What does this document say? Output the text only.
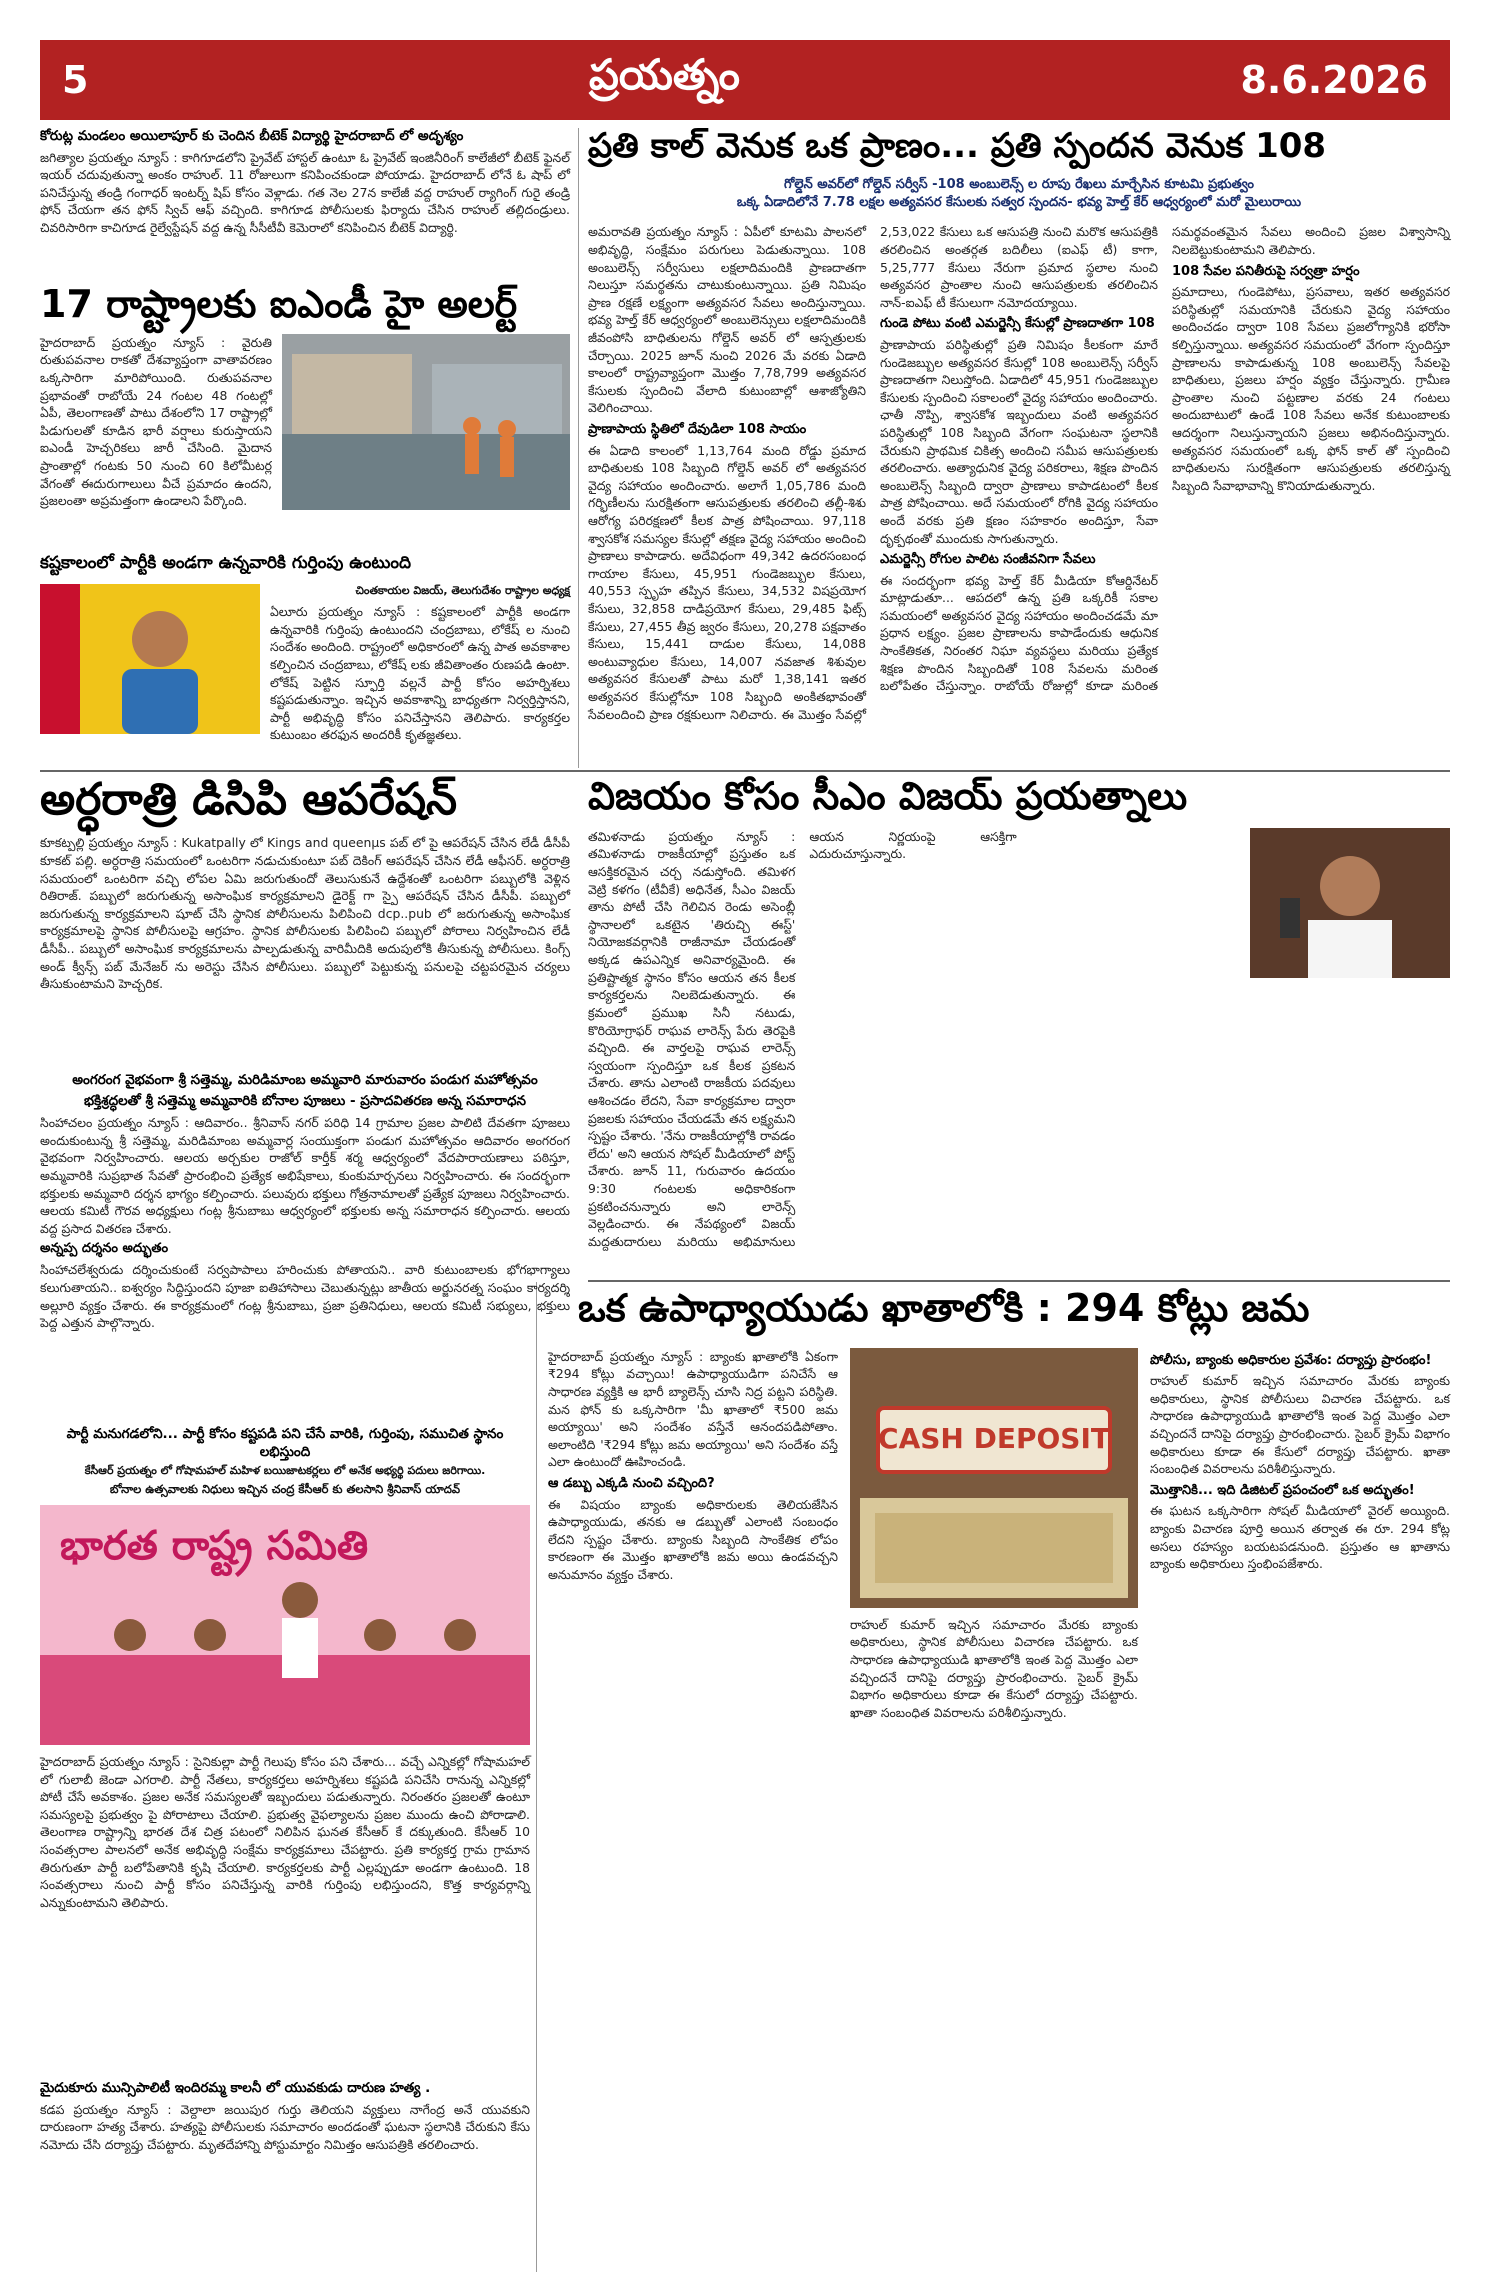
5	ప్రయత్నం	8.6.2026
కోరుట్ల మండలం అయిలాపూర్ కు చెందిన బీటెక్ విద్యార్థి హైదరాబాద్ లో అదృశ్యం
జగిత్యాల ప్రయత్నం న్యూస్ : కాగిగూడలోని ప్రైవేట్ హాస్టల్ ఉంటూ ఓ ప్రైవేట్ ఇంజినీరింగ్ కాలేజీలో బీటెక్ ఫైనల్ ఇయర్ చదువుతున్నా అంకం రాహుల్. 11 రోజులుగా కనిపించకుండా పోయాడు. హైదరాబాద్ లోనే ఓ షాప్ లో పనిచేస్తున్న తండ్రి గంగాధర్ ఇంటర్న్ షిప్ కోసం వెళ్లాడు. గత నెల 27న కాలేజీ వద్ద రాహుల్ ర్యాగింగ్ గురై తండ్రి ఫోన్ చేయగా తన ఫోన్ స్విచ్ ఆఫ్ వచ్చింది. కాగిగూడ పోలీసులకు ఫిర్యాదు చేసిన రాహుల్ తల్లిదండ్రులు. చివరిసారిగా కాచిగూడ రైల్వేస్టేషన్ వద్ద ఉన్న సీసీటీవీ కెమెరాలో కనిపించిన బీటెక్ విద్యార్థి.
17 రాష్ట్రాలకు ఐఎండీ హై అలర్ట్
హైదరాబాద్ ప్రయత్నం న్యూస్ : వైరుతి రుతుపవనాల రాకతో దేశవ్యాప్తంగా వాతావరణం ఒక్కసారిగా మారిపోయింది. రుతుపవనాల ప్రభావంతో రాబోయే 24 గంటల 48 గంటల్లో ఏపీ, తెలంగాణతో పాటు దేశంలోని 17 రాష్ట్రాల్లో పిడుగులతో కూడిన భారీ వర్షాలు కురుస్తాయని ఐఎండీ హెచ్చరికలు జారీ చేసింది. మైదాన ప్రాంతాల్లో గంటకు 50 నుంచి 60 కిలోమీటర్ల వేగంతో ఈదురుగాలులు వీచే ప్రమాదం ఉందని, ప్రజలంతా అప్రమత్తంగా ఉండాలని పేర్కొంది.
కష్టకాలంలో పార్టీకి అండగా ఉన్నవారికి గుర్తింపు ఉంటుంది
చింతకాయల విజయ్, తెలుగుదేశం రాష్ట్రాల అధ్యక్ష
ఏలూరు ప్రయత్నం న్యూస్ : కష్టకాలంలో పార్టీకి అండగా ఉన్నవారికి గుర్తింపు ఉంటుందని చంద్రబాబు, లోకేష్ ల నుంచి సందేశం అందింది. రాష్ట్రంలో అధికారంలో ఉన్న పాత అవకాశాల కల్పించిన చంద్రబాబు, లోకేష్ లకు జీవితాంతం రుణపడి ఉంటా. లోకేష్ పెట్టిన స్ఫూర్తి వల్లనే పార్టీ కోసం అహర్నిశలు కష్టపడుతున్నాం. ఇచ్చిన అవకాశాన్ని బాధ్యతగా నిర్వర్తిస్తానని, పార్టీ అభివృద్ధి కోసం పనిచేస్తానని తెలిపారు. కార్యకర్తల కుటుంబం తరఫున అందరికీ కృతజ్ఞతలు.
ప్రతి కాల్ వెనుక ఒక ప్రాణం... ప్రతి స్పందన వెనుక 108
గోల్డెన్ అవర్‌లో గోల్డెన్ సర్వీస్ -108 అంబులెన్స్ ల రూపు రేఖలు మార్చేసిన కూటమి ప్రభుత్వం
ఒక్క ఏడాదిలోనే 7.78 లక్షల అత్యవసర కేసులకు సత్వర స్పందన- భవ్య హెల్త్ కేర్ ఆధ్వర్యంలో మరో మైలురాయి

అమరావతి ప్రయత్నం న్యూస్ : ఏపీలో కూటమి పాలనలో అభివృద్ధి, సంక్షేమం పరుగులు పెడుతున్నాయి. 108 అంబులెన్స్ సర్వీసులు లక్షలాదిమందికి ప్రాణదాతగా నిలుస్తూ సమర్థతను చాటుకుంటున్నాయి. ప్రతి నిమిషం ప్రాణ రక్షణే లక్ష్యంగా అత్యవసర సేవలు అందిస్తున్నాయి. భవ్య హెల్త్ కేర్ ఆధ్వర్యంలో అంబులెన్సులు లక్షలాదిమందికి జీవంపోసి బాధితులను గోల్డెన్ అవర్ లో ఆస్పత్రులకు చేర్చాయి. 2025 జూన్ నుంచి 2026 మే వరకు ఏడాది కాలంలో రాష్ట్రవ్యాప్తంగా మొత్తం 7,78,799 అత్యవసర కేసులకు స్పందించి వేలాది కుటుంబాల్లో ఆశాజ్యోతిని వెలిగించాయి.

ప్రాణాపాయ స్థితిలో దేవుడిలా 108 సాయం

ఈ ఏడాది కాలంలో 1,13,764 మంది రోడ్డు ప్రమాద బాధితులకు 108 సిబ్బంది గోల్డెన్ అవర్ లో అత్యవసర వైద్య సహాయం అందించారు. అలాగే 1,05,786 మంది గర్భిణీలను సురక్షితంగా ఆసుపత్రులకు తరలించి తల్లీ-శిశు ఆరోగ్య పరిరక్షణలో కీలక పాత్ర పోషించాయి. 97,118 శ్వాసకోశ సమస్యల కేసుల్లో తక్షణ వైద్య సహాయం అందించి ప్రాణాలు కాపాడారు. అదేవిధంగా 49,342 ఉదరసంబంధ గాయాల కేసులు, 45,951 గుండెజబ్బుల కేసులు, 40,553 స్పృహ తప్పిన కేసులు, 34,532 విషప్రయోగ కేసులు, 32,858 దాడిప్రయోగ కేసులు, 29,485 ఫిట్స్ కేసులు, 27,455 తీవ్ర జ్వరం కేసులు, 20,278 పక్షవాతం కేసులు, 15,441 దాడుల కేసులు, 14,088 అంటువ్యాధుల కేసులు, 14,007 నవజాత శిశువుల అత్యవసర కేసులతో పాటు మరో 1,38,141 ఇతర అత్యవసర కేసుల్లోనూ 108 సిబ్బంది అంకితభావంతో సేవలందించి ప్రాణ రక్షకులుగా నిలిచారు. ఈ మొత్తం సేవల్లో 2,53,022 కేసులు ఒక ఆసుపత్రి నుంచి మరొక ఆసుపత్రికి తరలించిన అంతర్గత బదిలీలు (ఐఎఫ్ టీ) కాగా, 5,25,777 కేసులు నేరుగా ప్రమాద స్థలాల నుంచి అత్యవసర ప్రాంతాల నుంచి ఆసుపత్రులకు తరలించిన నాన్-ఐఎఫ్ టీ కేసులుగా నమోదయ్యాయి.

గుండె పోటు వంటి ఎమర్జెన్సీ కేసుల్లో ప్రాణదాతగా 108

ప్రాణాపాయ పరిస్థితుల్లో ప్రతి నిమిషం కీలకంగా మారే గుండెజబ్బుల అత్యవసర కేసుల్లో 108 అంబులెన్స్ సర్వీస్ ప్రాణదాతగా నిలుస్తోంది. ఏడాదిలో 45,951 గుండెజబ్బుల కేసులకు స్పందించి సకాలంలో వైద్య సహాయం అందించారు. ఛాతీ నొప్పి, శ్వాసకోశ ఇబ్బందులు వంటి అత్యవసర పరిస్థితుల్లో 108 సిబ్బంది వేగంగా సంఘటనా స్థలానికి చేరుకుని ప్రాథమిక చికిత్స అందించి సమీప ఆసుపత్రులకు తరలించారు. అత్యాధునిక వైద్య పరికరాలు, శిక్షణ పొందిన అంబులెన్స్ సిబ్బంది ద్వారా ప్రాణాలు కాపాడటంలో కీలక పాత్ర పోషించాయి. అదే సమయంలో రోగికి వైద్య సహాయం అందే వరకు ప్రతి క్షణం సహకారం అందిస్తూ, సేవా దృక్పథంతో ముందుకు సాగుతున్నారు.

ఎమర్జెన్సీ రోగుల పాలిట సంజీవనిగా సేవలు

ఈ సందర్భంగా భవ్య హెల్త్ కేర్ మీడియా కోఆర్డినేటర్ మాట్లాడుతూ... ఆపదలో ఉన్న ప్రతి ఒక్కరికీ సకాల సమయంలో అత్యవసర వైద్య సహాయం అందించడమే మా ప్రధాన లక్ష్యం. ప్రజల ప్రాణాలను కాపాడేందుకు ఆధునిక సాంకేతికత, నిరంతర నిఘా వ్యవస్థలు మరియు ప్రత్యేక శిక్షణ పొందిన సిబ్బందితో 108 సేవలను మరింత బలోపేతం చేస్తున్నాం. రాబోయే రోజుల్లో కూడా మరింత సమర్థవంతమైన సేవలు అందించి ప్రజల విశ్వాసాన్ని నిలబెట్టుకుంటామని తెలిపారు.

108 సేవల పనితీరుపై సర్వత్రా హర్షం

ప్రమాదాలు, గుండెపోటు, ప్రసవాలు, ఇతర అత్యవసర పరిస్థితుల్లో సమయానికి చేరుకుని వైద్య సహాయం అందించడం ద్వారా 108 సేవలు ప్రజలోగ్యానికి భరోసా కల్పిస్తున్నాయి. అత్యవసర సమయంలో వేగంగా స్పందిస్తూ ప్రాణాలను కాపాడుతున్న 108 అంబులెన్స్ సేవలపై బాధితులు, ప్రజలు హర్షం వ్యక్తం చేస్తున్నారు. గ్రామీణ ప్రాంతాల నుంచి పట్టణాల వరకు 24 గంటలు అందుబాటులో ఉండే 108 సేవలు అనేక కుటుంబాలకు ఆదర్శంగా నిలుస్తున్నాయని ప్రజలు అభినందిస్తున్నారు. అత్యవసర సమయంలో ఒక్క ఫోన్ కాల్ తో స్పందించి బాధితులను సురక్షితంగా ఆసుపత్రులకు తరలిస్తున్న సిబ్బంది సేవాభావాన్ని కొనియాడుతున్నారు.

అర్ధరాత్రి డిసిపి ఆపరేషన్
కూకట్పల్లి ప్రయత్నం న్యూస్ : Kukatpally లో Kings and queenµs పబ్ లో పై ఆపరేషన్ చేసిన లేడీ డీసీపీ కూకట్ పల్లి. అర్ధరాత్రి సమయంలో ఒంటరిగా నడుచుకుంటూ పబ్ దెకింగ్ ఆపరేషన్ చేసిన లేడీ ఆఫీసర్. అర్ధరాత్రి సమయంలో ఒంటరిగా వచ్చి లోపల ఏమి జరుగుతుందో తెలుసుకునే ఉద్దేశంతో ఒంటరిగా పబ్బులోకి వెళ్లిన రితిరాజ్. పబ్బులో జరుగుతున్న అసాంఘిక కార్యక్రమాలని డైరెక్ట్ గా స్పై ఆపరేషన్ చేసిన డీసీపీ. పబ్బులో జరుగుతున్న కార్యక్రమాలని షూట్ చేసి స్థానిక పోలీసులను పిలిపించి dcp..pub లో జరుగుతున్న అసాంఘిక కార్యక్రమాలపై స్థానిక పోలీసులపై ఆగ్రహం. స్థానిక పోలీసులకు పిలిపించి పబ్బులో పోరాలు నిర్వహించిన లేడీ డీసీపీ.. పబ్బులో అసాంఘిక కార్యక్రమాలను పాల్పడుతున్న వారిమీదికి అదుపులోకి తీసుకున్న పోలీసులు. కింగ్స్ అండ్ క్వీన్స్ పబ్ మేనేజర్ ను అరెస్టు చేసిన పోలీసులు. పబ్బులో పెట్టుకున్న పనులపై చట్టపరమైన చర్యలు తీసుకుంటామని హెచ్చరిక.
అంగరంగ వైభవంగా శ్రీ సత్తెమ్మ, మరిడిమాంబ అమ్మవారి మారువారం పండుగ మహోత్సవం
భక్తిశ్రద్ధలతో శ్రీ సత్తెమ్మ అమ్మవారికి బోనాల పూజలు - ప్రసాదవితరణ అన్న సమారాధన
సింహాచలం ప్రయత్నం న్యూస్ : ఆదివారం.. శ్రీనివాస్ నగర్ పరిధి 14 గ్రామాల ప్రజల పాలిటి దేవతగా పూజలు అందుకుంటున్న శ్రీ సత్తెమ్మ, మరిడిమాంబ అమ్మవార్ల సంయుక్తంగా పండుగ మహోత్సవం ఆదివారం అంగరంగ వైభవంగా నిర్వహించారు. ఆలయ అర్చకుల రాజోల్ కార్తీక్ శర్మ ఆధ్వర్యంలో వేదపారాయణాలు పఠిస్తూ, అమ్మవారికి సుప్రభాత సేవతో ప్రారంభించి ప్రత్యేక అభిషేకాలు, కుంకుమార్చనలు నిర్వహించారు. ఈ సందర్భంగా భక్తులకు అమ్మవారి దర్శన భాగ్యం కల్పించారు. పలువురు భక్తులు గోత్రనామాలతో ప్రత్యేక పూజలు నిర్వహించారు. ఆలయ కమిటీ గౌరవ అధ్యక్షులు గంట్ల శ్రీనుబాబు ఆధ్వర్యంలో భక్తులకు అన్న సమారాధన కల్పించారు. ఆలయ వద్ద ప్రసాద వితరణ చేశారు.
అన్నప్ప దర్శనం అద్భుతం
సింహాచలేశ్వరుడు దర్శించుకుంటే సర్వపాపాలు హరించుకు పోతాయని.. వారి కుటుంబాలకు భోగభాగ్యాలు కలుగుతాయని.. ఐశ్వర్యం సిద్ధిస్తుందని పూజా ఐతిహాసాలు చెబుతున్నట్లు జాతీయ అర్జునరత్న సంఘం కార్యదర్శి అల్లూరి వ్యక్తం చేశారు. ఈ కార్యక్రమంలో గంట్ల శ్రీనుబాబు, ప్రజా ప్రతినిధులు, ఆలయ కమిటీ సభ్యులు, భక్తులు పెద్ద ఎత్తున పాల్గొన్నారు.
పార్టీ మనుగడలోని... పార్టీ కోసం కష్టపడి పని చేసే వారికి, గుర్తింపు, సముచిత స్థానం లభిస్తుంది
కేసీఆర్ ప్రయత్నం లో గోషామహల్ మహిళ బయిజాటకర్లలు లో అనేక అభ్యర్థి పదులు జరిగాయి.
బోనాల ఉత్సవాలకు నిధులు ఇచ్చిన చంద్ర కేసీఆర్ కు తలసాని శ్రీనివాస్ యాదవ్
భారత రాష్ట్ర సమితి
హైదరాబాద్ ప్రయత్నం న్యూస్ : సైనికుల్లా పార్టీ గెలుపు కోసం పని చేశారు... వచ్చే ఎన్నికల్లో గోషామహల్ లో గులాబీ జెండా ఎగరాలి. పార్టీ నేతలు, కార్యకర్తలు అహర్నిశలు కష్టపడి పనిచేసి రానున్న ఎన్నికల్లో పోటీ చేసే అవకాశం. ప్రజల అనేక సమస్యలతో ఇబ్బందులు పడుతున్నారు. నిరంతరం ప్రజలతో ఉంటూ సమస్యలపై ప్రభుత్వం పై పోరాటాలు చేయాలి. ప్రభుత్వ వైఫల్యాలను ప్రజల ముందు ఉంచి పోరాడాలి. తెలంగాణ రాష్ట్రాన్ని భారత దేశ చిత్ర పటంలో నిలిపిన ఘనత కేసీఆర్ కే దక్కుతుంది. కేసీఆర్ 10 సంవత్సరాల పాలనలో అనేక అభివృద్ధి సంక్షేమ కార్యక్రమాలు చేపట్టారు. ప్రతి కార్యకర్త గ్రామ గ్రామాన తిరుగుతూ పార్టీ బలోపేతానికి కృషి చేయాలి. కార్యకర్తలకు పార్టీ ఎల్లప్పుడూ అండగా ఉంటుంది. 18 సంవత్సరాలు నుంచి పార్టీ కోసం పనిచేస్తున్న వారికి గుర్తింపు లభిస్తుందని, కొత్త కార్యవర్గాన్ని ఎన్నుకుంటామని తెలిపారు.
మైదుకూరు మున్సిపాలిటీ ఇందిరమ్మ కాలనీ లో యువకుడు దారుణ హత్య .
కడప ప్రయత్నం న్యూస్ : వెల్దాలా జయిపుర గుర్తు తెలియని వ్యక్తులు నాగేంద్ర అనే యువకుని దారుణంగా హత్య చేశారు. హత్యపై పోలీసులకు సమాచారం అందడంతో ఘటనా స్థలానికి చేరుకుని కేసు నమోదు చేసి దర్యాప్తు చేపట్టారు. మృతదేహాన్ని పోస్టుమార్టం నిమిత్తం ఆసుపత్రికి తరలించారు.
విజయం కోసం సీఎం విజయ్ ప్రయత్నాలు
తమిళనాడు ప్రయత్నం న్యూస్ : తమిళనాడు రాజకీయాల్లో ప్రస్తుతం ఒక ఆసక్తికరమైన చర్చ నడుస్తోంది. తమిళగ వెట్రి కళగం (టీవీకే) అధినేత, సీఎం విజయ్ తాను పోటీ చేసి గెలిచిన రెండు అసెంబ్లీ స్థానాలలో ఒకటైన 'తిరుచ్చి ఈస్ట్' నియోజకవర్గానికి రాజీనామా చేయడంతో అక్కడ ఉపఎన్నిక అనివార్యమైంది. ఈ ప్రతిష్టాత్మక స్థానం కోసం ఆయన తన కీలక కార్యకర్తలను నిలబెడుతున్నారు. ఈ క్రమంలో ప్రముఖ సినీ నటుడు, కొరియోగ్రాఫర్ రాఘవ లారెన్స్ పేరు తెరపైకి వచ్చింది. ఈ వార్తలపై రాఘవ లారెన్స్ స్వయంగా స్పందిస్తూ ఒక కీలక ప్రకటన చేశారు. తాను ఎలాంటి రాజకీయ పదవులు ఆశించడం లేదని, సేవా కార్యక్రమాల ద్వారా ప్రజలకు సహాయం చేయడమే తన లక్ష్యమని స్పష్టం చేశారు. 'నేను రాజకీయాల్లోకి రావడం లేదు' అని ఆయన సోషల్ మీడియాలో పోస్ట్ చేశారు. జూన్ 11, గురువారం ఉదయం 9:30 గంటలకు అధికారికంగా ప్రకటించనున్నారు అని లారెన్స్ వెల్లడించారు. ఈ నేపథ్యంలో విజయ్ మద్దతుదారులు మరియు అభిమానులు ఆయన నిర్ణయంపై ఆసక్తిగా ఎదురుచూస్తున్నారు.
ఒక ఉపాధ్యాయుడు ఖాతాలోకి : 294 కోట్లు జమ

హైదరాబాద్ ప్రయత్నం న్యూస్ : బ్యాంకు ఖాతాలోకి ఏకంగా ₹294 కోట్లు వచ్చాయి! ఉపాధ్యాయుడిగా పనిచేసే ఆ సాధారణ వ్యక్తికి ఆ భారీ బ్యాలెన్స్ చూసి నిద్ర పట్టని పరిస్థితి. మన ఫోన్ కు ఒక్కసారిగా 'మీ ఖాతాలో ₹500 జమ అయ్యాయి' అని సందేశం వస్తేనే ఆనందపడిపోతాం. అలాంటిది '₹294 కోట్లు జమ అయ్యాయి' అని సందేశం వస్తే ఎలా ఉంటుందో ఊహించండి.

ఆ డబ్బు ఎక్కడి నుంచి వచ్చింది?

ఈ విషయం బ్యాంకు అధికారులకు తెలియజేసిన ఉపాధ్యాయుడు, తనకు ఆ డబ్బుతో ఎలాంటి సంబంధం లేదని స్పష్టం చేశారు. బ్యాంకు సిబ్బంది సాంకేతిక లోపం కారణంగా ఈ మొత్తం ఖాతాలోకి జమ అయి ఉండవచ్చని అనుమానం వ్యక్తం చేశారు.

CASH DEPOSIT
రాహుల్ కుమార్ ఇచ్చిన సమాచారం మేరకు బ్యాంకు అధికారులు, స్థానిక పోలీసులు విచారణ చేపట్టారు. ఒక సాధారణ ఉపాధ్యాయుడి ఖాతాలోకి ఇంత పెద్ద మొత్తం ఎలా వచ్చిందనే దానిపై దర్యాప్తు ప్రారంభించారు. సైబర్ క్రైమ్ విభాగం అధికారులు కూడా ఈ కేసులో దర్యాప్తు చేపట్టారు. ఖాతా సంబంధిత వివరాలను పరిశీలిస్తున్నారు.
పోలీసు, బ్యాంకు అధికారుల ప్రవేశం: దర్యాప్తు ప్రారంభం!

రాహుల్ కుమార్ ఇచ్చిన సమాచారం మేరకు బ్యాంకు అధికారులు, స్థానిక పోలీసులు విచారణ చేపట్టారు. ఒక సాధారణ ఉపాధ్యాయుడి ఖాతాలోకి ఇంత పెద్ద మొత్తం ఎలా వచ్చిందనే దానిపై దర్యాప్తు ప్రారంభించారు. సైబర్ క్రైమ్ విభాగం అధికారులు కూడా ఈ కేసులో దర్యాప్తు చేపట్టారు. ఖాతా సంబంధిత వివరాలను పరిశీలిస్తున్నారు.

మొత్తానికి... ఇది డిజిటల్ ప్రపంచంలో ఒక అద్భుతం!

ఈ ఘటన ఒక్కసారిగా సోషల్ మీడియాలో వైరల్ అయ్యింది. బ్యాంకు విచారణ పూర్తి అయిన తర్వాత ఈ రూ. 294 కోట్ల అసలు రహస్యం బయటపడనుంది. ప్రస్తుతం ఆ ఖాతాను బ్యాంకు అధికారులు స్తంభింపజేశారు.
